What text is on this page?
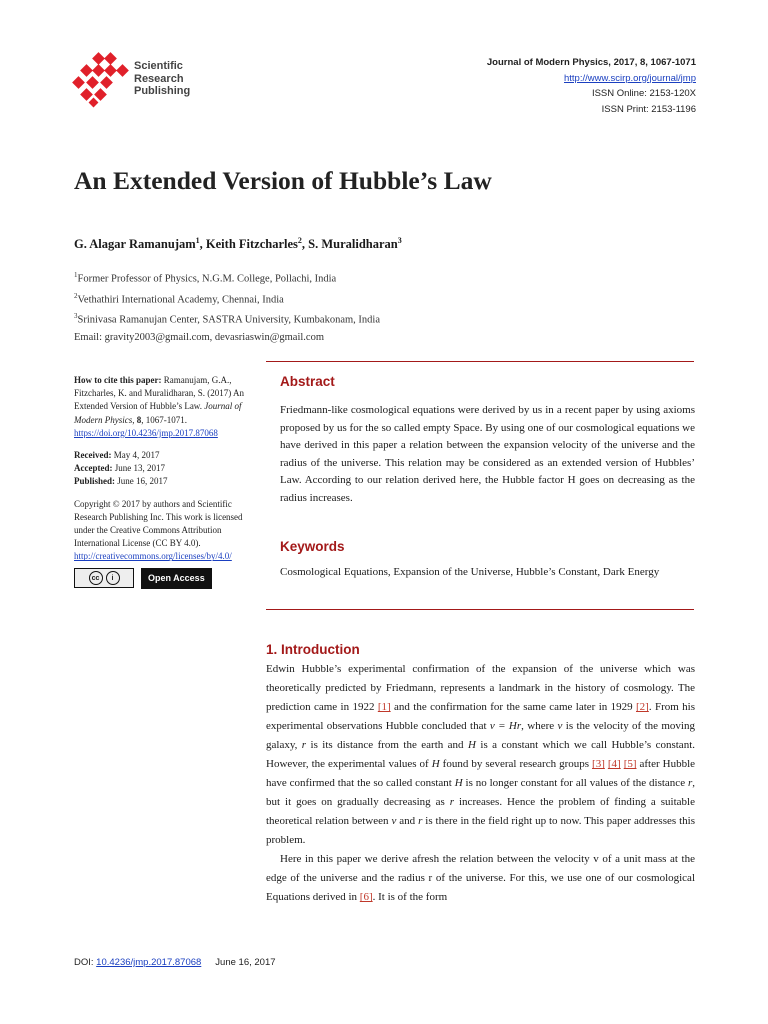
Scientific
Research
Publishing
Journal of Modern Physics, 2017, 8, 1067-1071
http://www.scirp.org/journal/jmp
ISSN Online: 2153-120X
ISSN Print: 2153-1196
An Extended Version of Hubble’s Law
G. Alagar Ramanujam$^1$, Keith Fitzcharles$^2$, S. Muralidharan$^3$
$^1$Former Professor of Physics, N.G.M. College, Pollachi, India
$^2$Vethathiri International Academy, Chennai, India
$^3$Srinivasa Ramanujan Center, SASTRA University, Kumbakonam, India
Email: gravity2003@gmail.com, devasriaswin@gmail.com
How to cite this paper: Ramanujam, G.A., Fitzcharles, K. and Muralidharan, S. (2017) An Extended Version of Hubble’s Law. Journal of Modern Physics, 8, 1067-1071.
https://doi.org/10.4236/jmp.2017.87068
Received: May 4, 2017
Accepted: June 13, 2017
Published: June 16, 2017
Copyright © 2017 by authors and Scientific Research Publishing Inc. This work is licensed under the Creative Commons Attribution International License (CC BY 4.0).
http://creativecommons.org/licenses/by/4.0/
cc	i	Open Access
Abstract
Friedmann-like cosmological equations were derived by us in a recent paper by using axioms proposed by us for the so called empty Space. By using one of our cosmological equations we have derived in this paper a relation between the expansion velocity of the universe and the radius of the universe. This relation may be considered as an extended version of Hubbles’ Law. According to our relation derived here, the Hubble factor H goes on decreasing as the radius increases.
Keywords
Cosmological Equations, Expansion of the Universe, Hubble’s Constant, Dark Energy
1. Introduction

Edwin Hubble’s experimental confirmation of the expansion of the universe which was theoretically predicted by Friedmann, represents a landmark in the history of cosmology. The prediction came in 1922 [1] and the confirmation for the same came later in 1929 [2]. From his experimental observations Hubble concluded that v = Hr, where v is the velocity of the moving galaxy, r is its distance from the earth and H is a constant which we call Hubble’s constant. However, the experimental values of H found by several research groups [3] [4] [5] after Hubble have confirmed that the so called constant H is no longer constant for all values of the distance r, but it goes on gradually decreasing as r increases. Hence the problem of finding a suitable theoretical relation between v and r is there in the field right up to now. This paper addresses this problem.

Here in this paper we derive afresh the relation between the velocity v of a unit mass at the edge of the universe and the radius r of the universe. For this, we use one of our cosmological Equations derived in [6]. It is of the form

DOI: 10.4236/jmp.2017.87068 June 16, 2017
